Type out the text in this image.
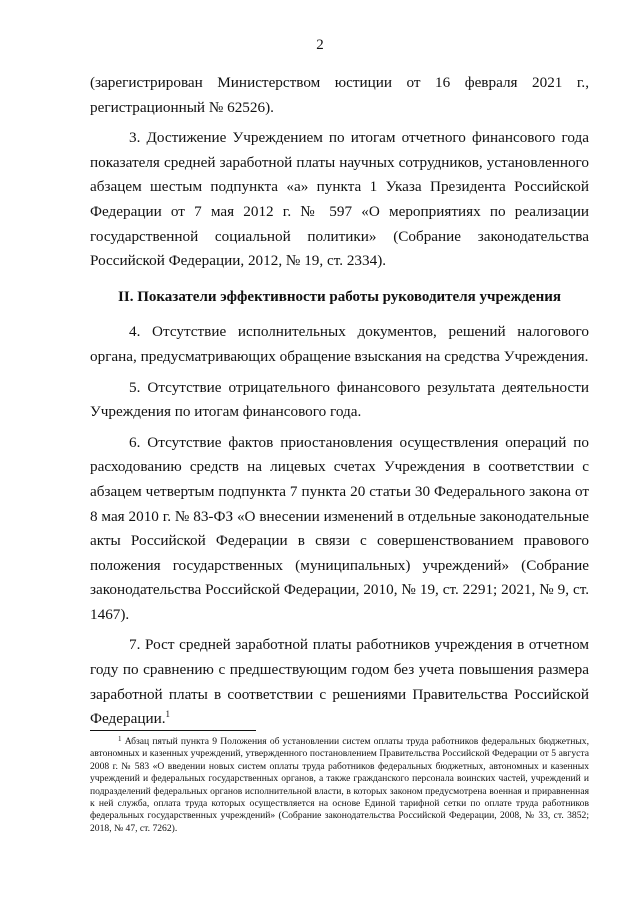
2

(зарегистрирован Министерством юстиции от 16 февраля 2021 г., регистрационный № 62526).

3. Достижение Учреждением по итогам отчетного финансового года показателя средней заработной платы научных сотрудников, установленного абзацем шестым подпункта «а» пункта 1 Указа Президента Российской Федерации от 7 мая 2012 г. № 597 «О мероприятиях по реализации государственной социальной политики» (Собрание законодательства Российской Федерации, 2012, № 19, ст. 2334).

II. Показатели эффективности работы руководителя учреждения

4. Отсутствие исполнительных документов, решений налогового органа, предусматривающих обращение взыскания на средства Учреждения.

5. Отсутствие отрицательного финансового результата деятельности Учреждения по итогам финансового года.

6. Отсутствие фактов приостановления осуществления операций по расходованию средств на лицевых счетах Учреждения в соответствии с абзацем четвертым подпункта 7 пункта 20 статьи 30 Федерального закона от 8 мая 2010 г. № 83-ФЗ «О внесении изменений в отдельные законодательные акты Российской Федерации в связи с совершенствованием правового положения государственных (муниципальных) учреждений» (Собрание законодательства Российской Федерации, 2010, № 19, ст. 2291; 2021, № 9, ст. 1467).

7. Рост средней заработной платы работников учреждения в отчетном году по сравнению с предшествующим годом без учета повышения размера заработной платы в соответствии с решениями Правительства Российской Федерации.$^1$

$^1$ Абзац пятый пункта 9 Положения об установлении систем оплаты труда работников федеральных бюджетных, автономных и казенных учреждений, утвержденного постановлением Правительства Российской Федерации от 5 августа 2008 г. № 583 «О введении новых систем оплаты труда работников федеральных бюджетных, автономных и казенных учреждений и федеральных государственных органов, а также гражданского персонала воинских частей, учреждений и подразделений федеральных органов исполнительной власти, в которых законом предусмотрена военная и приравненная к ней служба, оплата труда которых осуществляется на основе Единой тарифной сетки по оплате труда работников федеральных государственных учреждений» (Собрание законодательства Российской Федерации, 2008, № 33, ст. 3852; 2018, № 47, ст. 7262).
